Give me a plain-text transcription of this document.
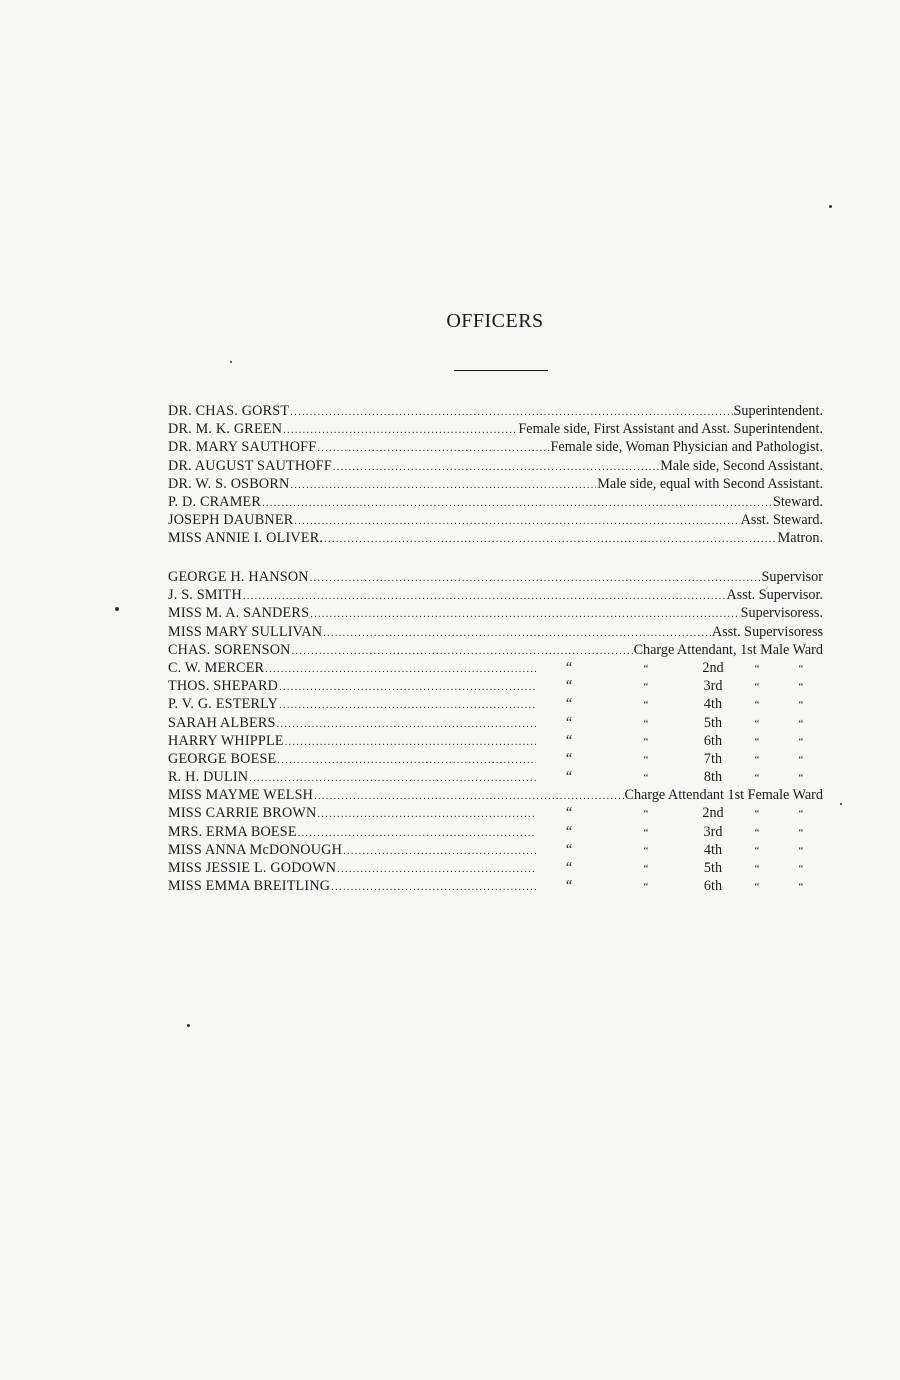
OFFICERS
DR. CHAS. GORST .....	Superintendent.
DR. M. K. GREEN .....	Female side, First Assistant and Asst. Superintendent.
DR. MARY SAUTHOFF .....	Female side, Woman Physician and Pathologist.
DR. AUGUST SAUTHOFF .....	Male side, Second Assistant.
DR. W. S. OSBORN .....	Male side, equal with Second Assistant.
P. D. CRAMER .....	Steward.
JOSEPH DAUBNER .....	Asst. Steward.
MISS ANNIE I. OLIVER. .....	Matron.
GEORGE H. HANSON .....	Supervisor
J. S. SMITH .....	Asst. Supervisor.
MISS M. A. SANDERS .....	Supervisoress.
MISS MARY SULLIVAN .....	Asst. Supervisoress
CHAS. SORENSON .....	Charge Attendant, 1st Male Ward
C. W. MERCER .....	“	“	2nd	“	“
THOS. SHEPARD .....	“	“	3rd	“	“
P. V. G. ESTERLY .....	“	“	4th	“	“
SARAH ALBERS .....	“	“	5th	“	“
HARRY WHIPPLE .....	“	“	6th	“	“
GEORGE BOESE .....	“	“	7th	“	“
R. H. DULIN .....	“	“	8th	“	“
MISS MAYME WELSH .....	Charge Attendant 1st Female Ward
MISS CARRIE BROWN .....	“	“	2nd	“	“
MRS. ERMA BOESE .....	“	“	3rd	“	“
MISS ANNA McDONOUGH .....	“	“	4th	“	“
MISS JESSIE L. GODOWN .....	“	“	5th	“	“
MISS EMMA BREITLING .....	“	“	6th	“	“
